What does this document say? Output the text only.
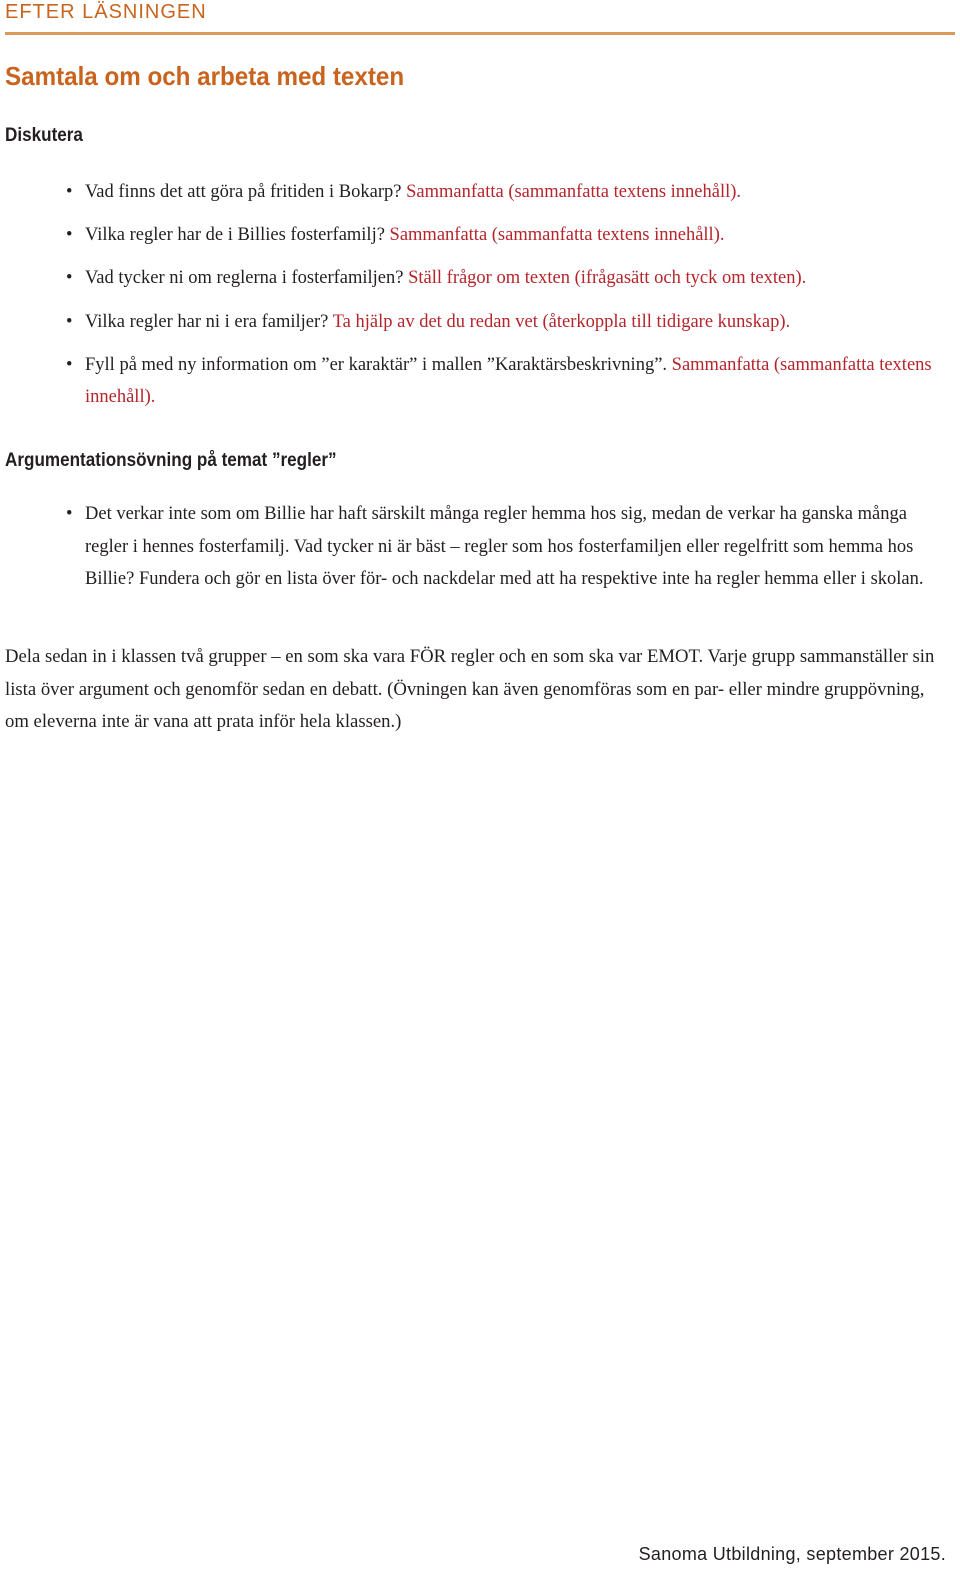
EFTER LÄSNINGEN
Samtala om och arbeta med texten
Diskutera
• Vad finns det att göra på fritiden i Bokarp? Sammanfatta (sammanfatta textens innehåll).
• Vilka regler har de i Billies fosterfamilj? Sammanfatta (sammanfatta textens innehåll).
• Vad tycker ni om reglerna i fosterfamiljen? Ställ frågor om texten (ifrågasätt och tyck om texten).
• Vilka regler har ni i era familjer? Ta hjälp av det du redan vet (återkoppla till tidigare kunskap).
• Fyll på med ny information om ”er karaktär” i mallen ”Karaktärsbeskrivning”. Sammanfatta (sammanfatta textens innehåll).
Argumentationsövning på temat ”regler”
• Det verkar inte som om Billie har haft särskilt många regler hemma hos sig, medan de verkar ha ganska många regler i hennes fosterfamilj. Vad tycker ni är bäst – regler som hos fosterfamiljen eller regelfritt som hemma hos Billie? Fundera och gör en lista över för- och nackdelar med att ha respektive inte ha regler hemma eller i skolan.

Dela sedan in i klassen två grupper – en som ska vara FÖR regler och en som ska var EMOT. Varje grupp sammanställer sin lista över argument och genomför sedan en debatt. (Övningen kan även genomföras som en par- eller mindre gruppövning, om eleverna inte är vana att prata inför hela klassen.)

Sanoma Utbildning, september 2015.
